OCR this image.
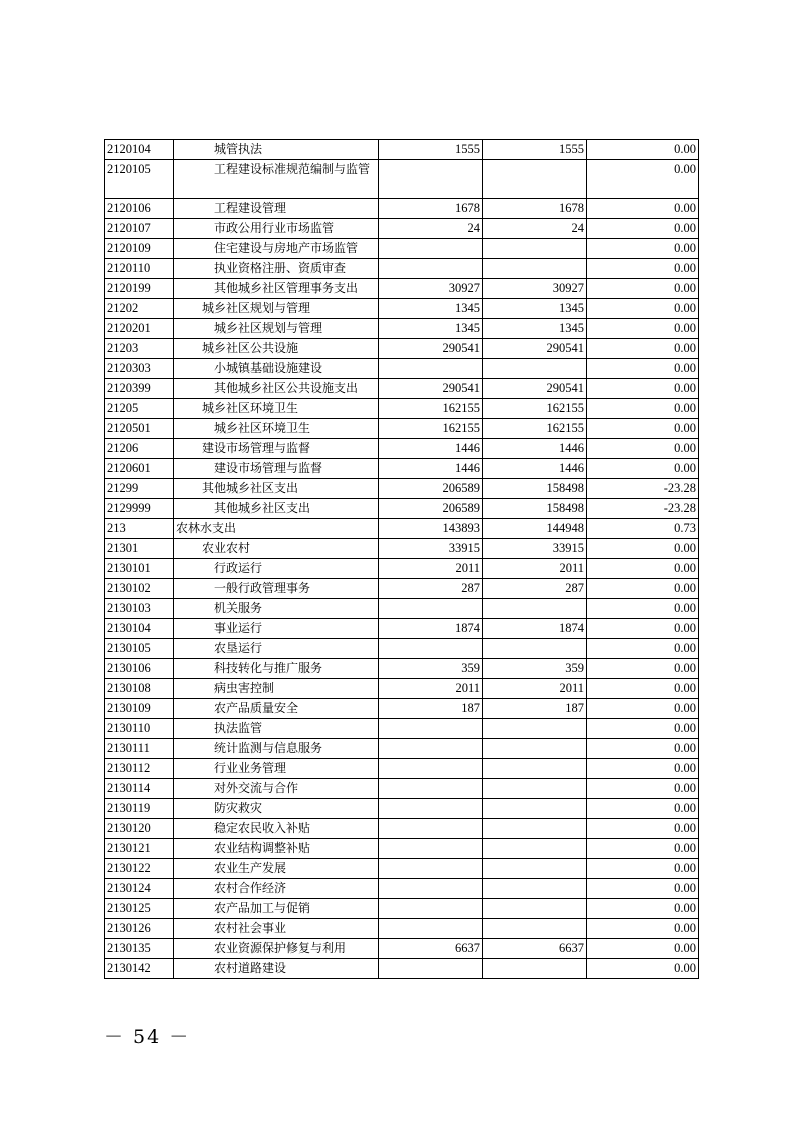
2120104	城管执法	1555	1555	0.00
2120105	工程建设标准规范编制与监管			0.00
2120106	工程建设管理	1678	1678	0.00
2120107	市政公用行业市场监管	24	24	0.00
2120109	住宅建设与房地产市场监管			0.00
2120110	执业资格注册、资质审查			0.00
2120199	其他城乡社区管理事务支出	30927	30927	0.00
21202	城乡社区规划与管理	1345	1345	0.00
2120201	城乡社区规划与管理	1345	1345	0.00
21203	城乡社区公共设施	290541	290541	0.00
2120303	小城镇基础设施建设			0.00
2120399	其他城乡社区公共设施支出	290541	290541	0.00
21205	城乡社区环境卫生	162155	162155	0.00
2120501	城乡社区环境卫生	162155	162155	0.00
21206	建设市场管理与监督	1446	1446	0.00
2120601	建设市场管理与监督	1446	1446	0.00
21299	其他城乡社区支出	206589	158498	-23.28
2129999	其他城乡社区支出	206589	158498	-23.28
213	农林水支出	143893	144948	0.73
21301	农业农村	33915	33915	0.00
2130101	行政运行	2011	2011	0.00
2130102	一般行政管理事务	287	287	0.00
2130103	机关服务			0.00
2130104	事业运行	1874	1874	0.00
2130105	农垦运行			0.00
2130106	科技转化与推广服务	359	359	0.00
2130108	病虫害控制	2011	2011	0.00
2130109	农产品质量安全	187	187	0.00
2130110	执法监管			0.00
2130111	统计监测与信息服务			0.00
2130112	行业业务管理			0.00
2130114	对外交流与合作			0.00
2130119	防灾救灾			0.00
2130120	稳定农民收入补贴			0.00
2130121	农业结构调整补贴			0.00
2130122	农业生产发展			0.00
2130124	农村合作经济			0.00
2130125	农产品加工与促销			0.00
2130126	农村社会事业			0.00
2130135	农业资源保护修复与利用	6637	6637	0.00
2130142	农村道路建设			0.00
－ 54 －
